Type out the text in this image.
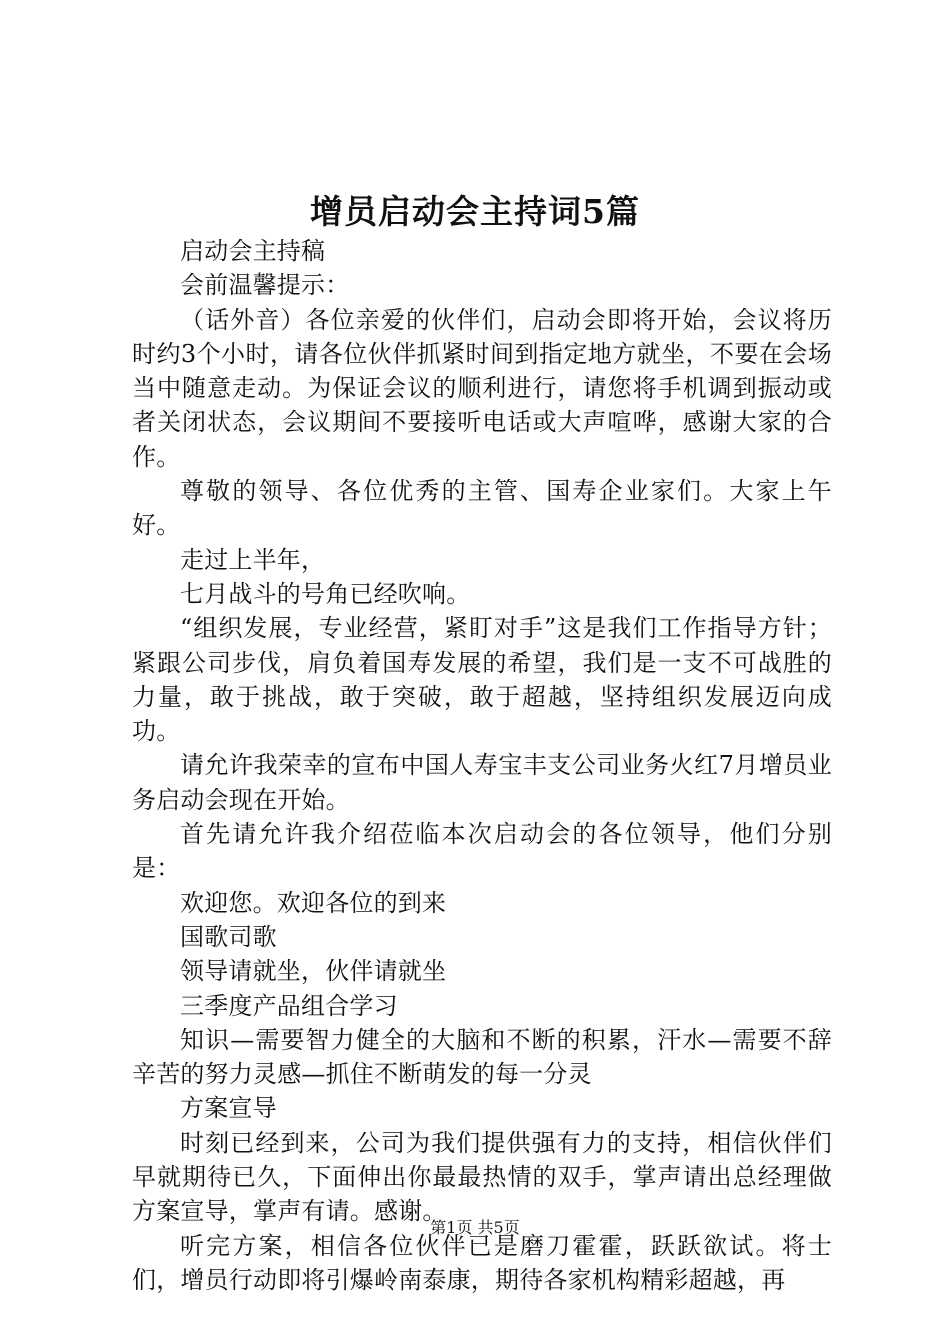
增员启动会主持词5篇

启动会主持稿

会前温馨提示：

（话外音）各位亲爱的伙伴们，启动会即将开始，会议将历时约3个小时，请各位伙伴抓紧时间到指定地方就坐，不要在会场当中随意走动。为保证会议的顺利进行，请您将手机调到振动或者关闭状态，会议期间不要接听电话或大声喧哗，感谢大家的合作。

尊敬的领导、各位优秀的主管、国寿企业家们。大家上午好。

走过上半年，

七月战斗的号角已经吹响。

“组织发展，专业经营，紧盯对手”这是我们工作指导方针；紧跟公司步伐，肩负着国寿发展的希望，我们是一支不可战胜的力量，敢于挑战，敢于突破，敢于超越，坚持组织发展迈向成功。

请允许我荣幸的宣布中国人寿宝丰支公司业务火红7月增员业务启动会现在开始。

首先请允许我介绍莅临本次启动会的各位领导，他们分别是：

欢迎您。欢迎各位的到来

国歌司歌

领导请就坐，伙伴请就坐

三季度产品组合学习

知识—需要智力健全的大脑和不断的积累，汗水—需要不辞辛苦的努力灵感—抓住不断萌发的每一分灵

方案宣导

时刻已经到来，公司为我们提供强有力的支持，相信伙伴们早就期待已久，下面伸出你最最热情的双手，掌声请出总经理做方案宣导，掌声有请。感谢。

听完方案，相信各位伙伴已是磨刀霍霍，跃跃欲试。将士们，增员行动即将引爆岭南泰康，期待各家机构精彩超越，再

第1页 共5页
